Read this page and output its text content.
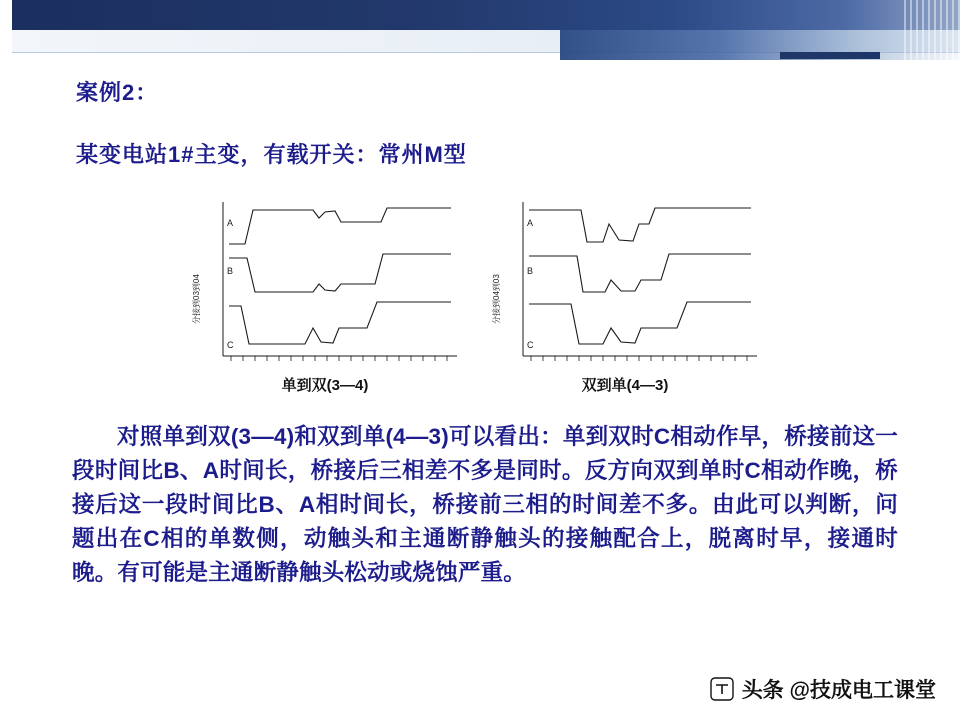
案例2：
某变电站1#主变，有载开关：常州M型
分接到03到04
A
B
C
单到双(3—4)
分接到04到03
A
B
C
双到单(4—3)
对照单到双(3—4)和双到单(4—3)可以看出：单到双时C相动作早，桥接前这一段时间比B、A时间长，桥接后三相差不多是同时。反方向双到单时C相动作晚，桥接后这一段时间比B、A相时间长，桥接前三相的时间差不多。由此可以判断，问题出在C相的单数侧，动触头和主通断静触头的接触配合上，脱离时早，接通时晚。有可能是主通断静触头松动或烧蚀严重。
头条 @技成电工课堂
